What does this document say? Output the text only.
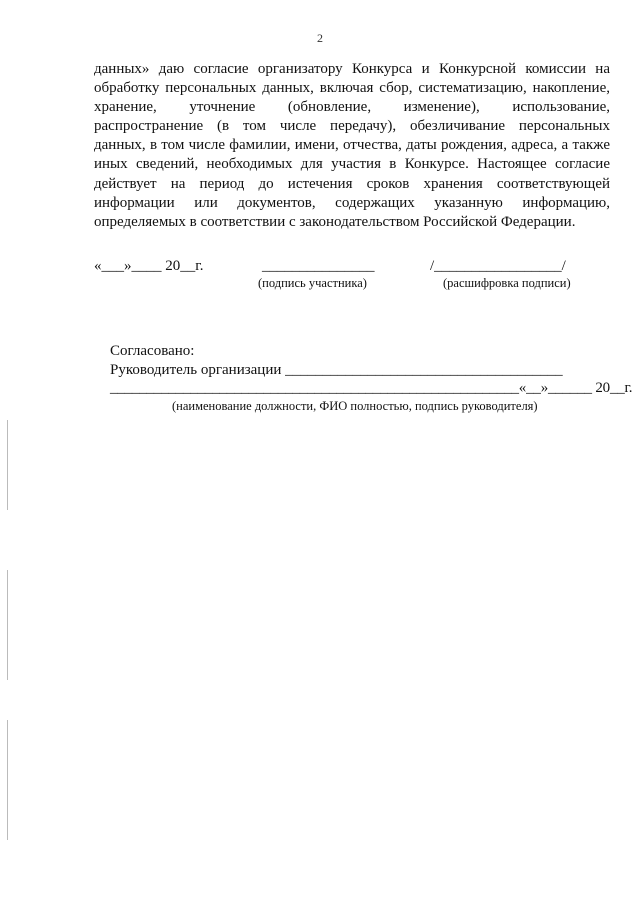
2
данных» даю согласие организатору Конкурса и Конкурсной комиссии на
обработку персональных данных, включая сбор, систематизацию, накопление,
хранение, уточнение (обновление, изменение), использование,
распространение (в том числе передачу), обезличивание персональных
данных, в том числе фамилии, имени, отчества, даты рождения, адреса, а также
иных сведений, необходимых для участия в Конкурсе. Настоящее согласие
действует на период до истечения сроков хранения соответствующей
информации или документов, содержащих указанную информацию,
определяемых в соответствии с законодательством Российской Федерации.
«___»____ 20__г.	_______________	/_________________/
(подпись участника)	(расшифровка подписи)
Согласовано:
Руководитель организации _____________________________________
________________________________________________________«__»______ 20__г.
(наименование должности, ФИО полностью, подпись руководителя)
